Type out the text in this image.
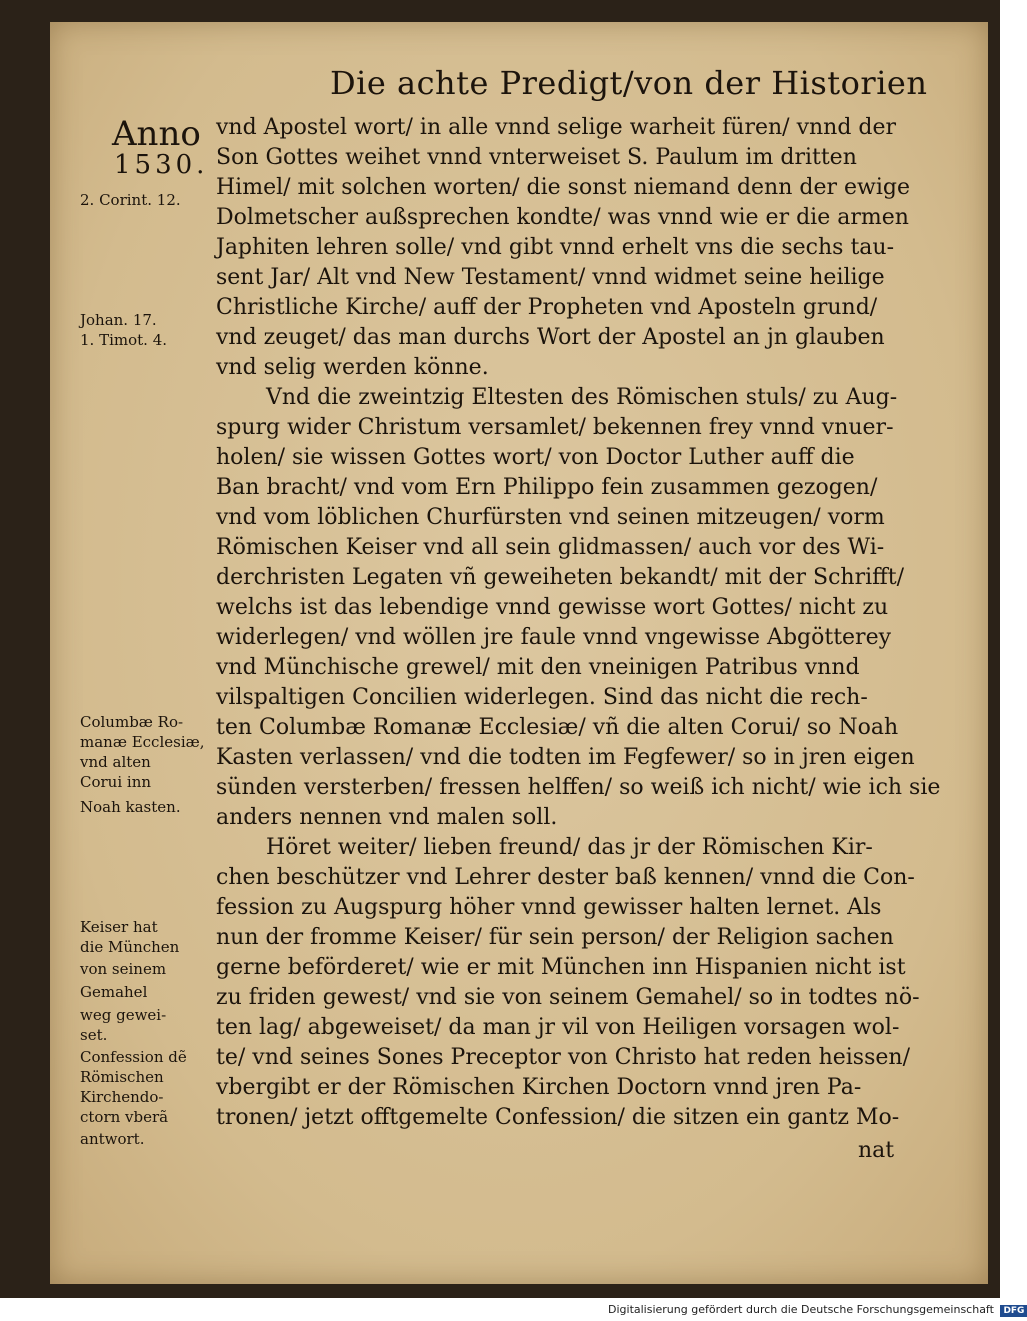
Die achte Predigt/von der Historien
Anno
1530.
2. Corint. 12.
Johan. 17.
1. Timot. 4.
Columbæ Ro-
manæ Ecclesiæ,
vnd alten
Corui inn
Noah kasten.
Keiser hat
die München
von seinem
Gemahel
weg gewei-
set.
Confession dẽ
Römischen
Kirchendo-
ctorn vberã
antwort.
vnd Apostel wort/ in alle vnnd selige warheit füren/ vnnd der
Son Gottes weihet vnnd vnterweiset S. Paulum im dritten
Himel/ mit solchen worten/ die sonst niemand denn der ewige
Dolmetscher außsprechen kondte/ was vnnd wie er die armen
Japhiten lehren solle/ vnd gibt vnnd erhelt vns die sechs tau-
sent Jar/ Alt vnd New Testament/ vnnd widmet seine heilige
Christliche Kirche/ auff der Propheten vnd Aposteln grund/
vnd zeuget/ das man durchs Wort der Apostel an jn glauben
vnd selig werden könne.
Vnd die zweintzig Eltesten des Römischen stuls/ zu Aug-
spurg wider Christum versamlet/ bekennen frey vnnd vnuer-
holen/ sie wissen Gottes wort/ von Doctor Luther auff die
Ban bracht/ vnd vom Ern Philippo fein zusammen gezogen/
vnd vom löblichen Churfürsten vnd seinen mitzeugen/ vorm
Römischen Keiser vnd all sein glidmassen/ auch vor des Wi-
derchristen Legaten vñ geweiheten bekandt/ mit der Schrifft/
welchs ist das lebendige vnnd gewisse wort Gottes/ nicht zu
widerlegen/ vnd wöllen jre faule vnnd vngewisse Abgötterey
vnd Münchische grewel/ mit den vneinigen Patribus vnnd
vilspaltigen Concilien widerlegen. Sind das nicht die rech-
ten Columbæ Romanæ Ecclesiæ/ vñ die alten Corui/ so Noah
Kasten verlassen/ vnd die todten im Fegfewer/ so in jren eigen
sünden versterben/ fressen helffen/ so weiß ich nicht/ wie ich sie
anders nennen vnd malen soll.
Höret weiter/ lieben freund/ das jr der Römischen Kir-
chen beschützer vnd Lehrer dester baß kennen/ vnnd die Con-
fession zu Augspurg höher vnnd gewisser halten lernet. Als
nun der fromme Keiser/ für sein person/ der Religion sachen
gerne beförderet/ wie er mit München inn Hispanien nicht ist
zu friden gewest/ vnd sie von seinem Gemahel/ so in todtes nö-
ten lag/ abgeweiset/ da man jr vil von Heiligen vorsagen wol-
te/ vnd seines Sones Preceptor von Christo hat reden heissen/
vbergibt er der Römischen Kirchen Doctorn vnnd jren Pa-
tronen/ jetzt offtgemelte Confession/ die sitzen ein gantz Mo-
nat
Digitalisierung gefördert durch die Deutsche Forschungsgemeinschaft DFG
